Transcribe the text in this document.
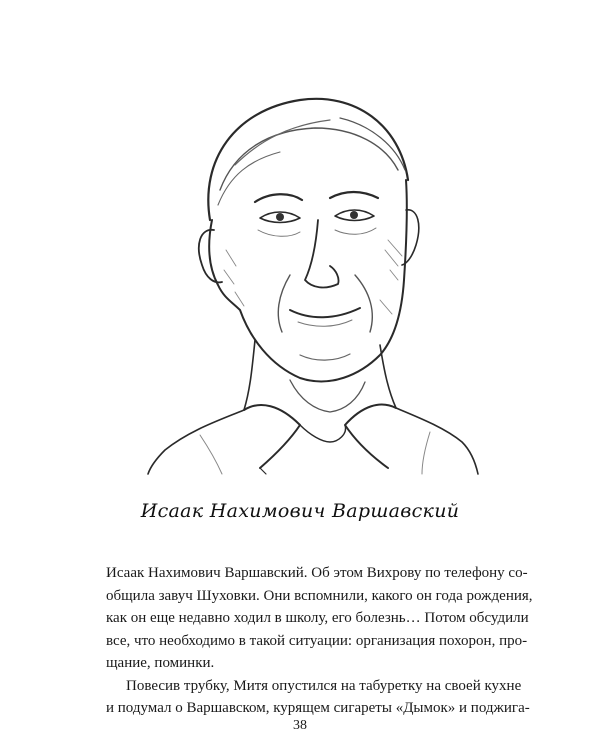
Исаак Нахимович Варшавский

Исаак Нахимович Варшавский. Об этом Вихрову по телефону со-
общила завуч Шуховки. Они вспомнили, какого он года рождения,
как он еще недавно ходил в школу, его болезнь… Потом обсудили
все, что необходимо в такой ситуации: организация похорон, про-
щание, поминки.

Повесив трубку, Митя опустился на табуретку на своей кухне
и подумал о Варшавском, курящем сигареты «Дымок» и поджига-

38
